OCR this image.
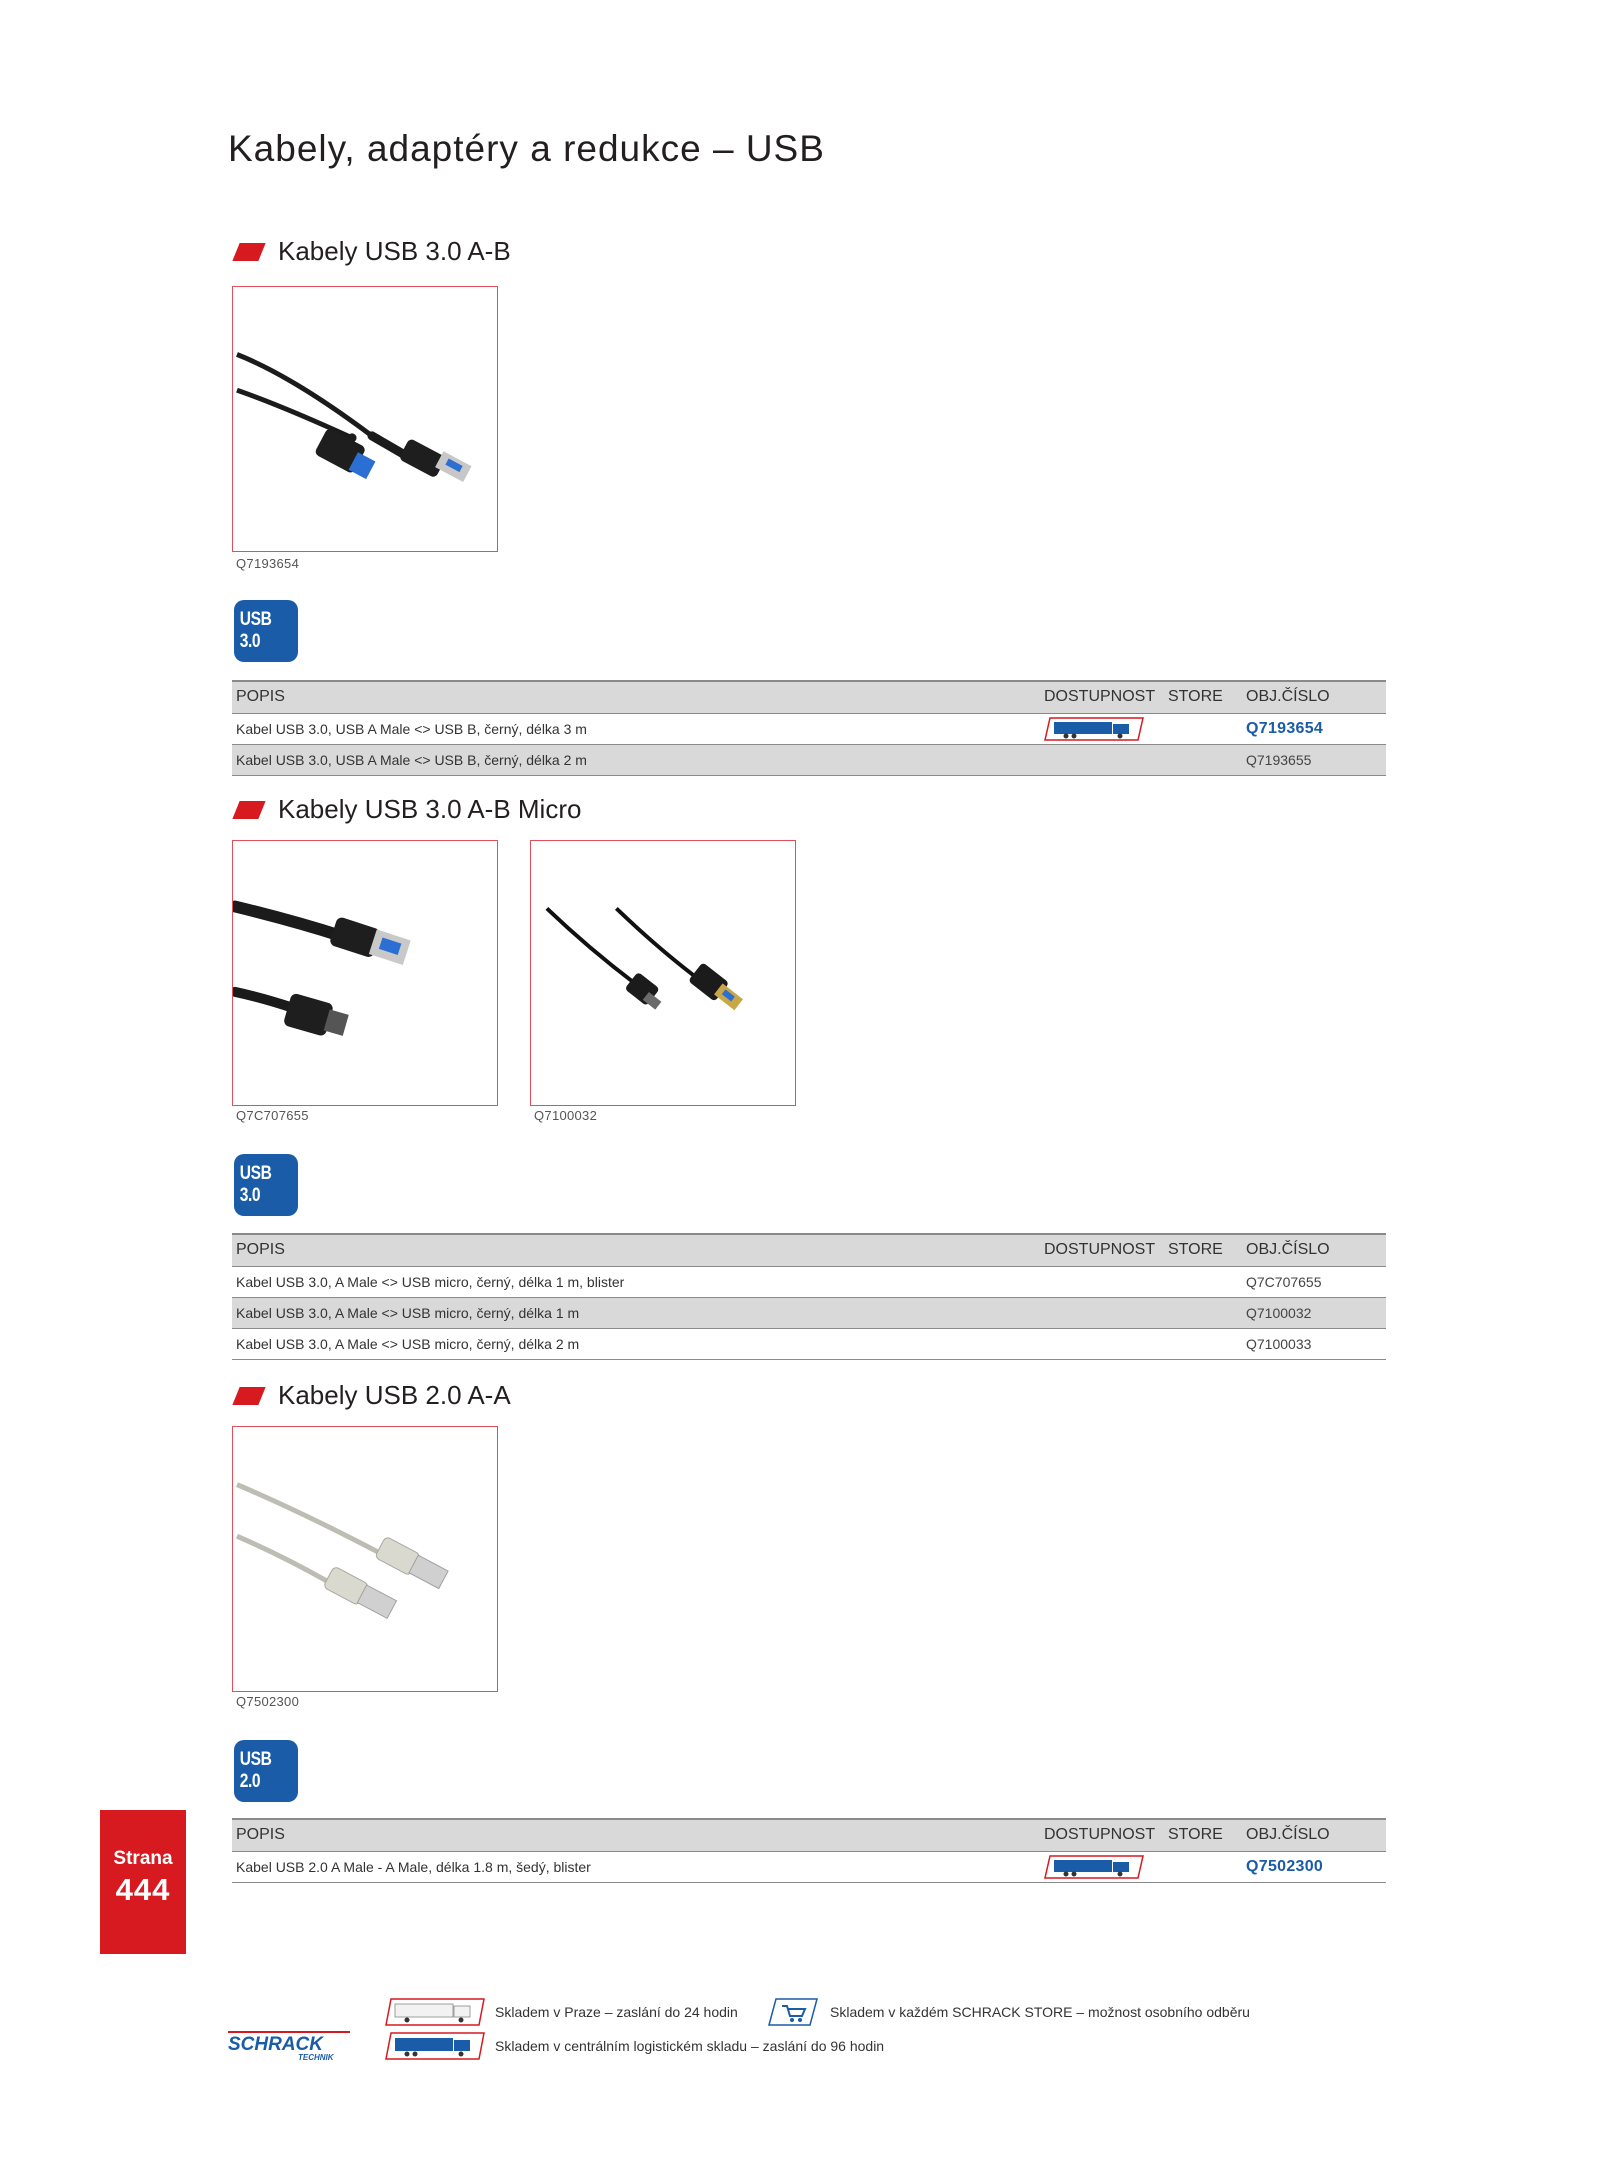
Kabely, adaptéry a redukce – USB
Kabely USB 3.0 A-B
Q7193654
USB 3.0
POPIS	DOSTUPNOST	STORE	OBJ.ČÍSLO
Kabel USB 3.0, USB A Male <> USB B, černý, délka 3 m			Q7193654
Kabel USB 3.0, USB A Male <> USB B, černý, délka 2 m			Q7193655
Kabely USB 3.0 A-B Micro
Q7C707655	Q7100032
USB 3.0
POPIS	DOSTUPNOST	STORE	OBJ.ČÍSLO
Kabel USB 3.0, A Male <> USB micro, černý, délka 1 m, blister			Q7C707655
Kabel USB 3.0, A Male <> USB micro, černý, délka 1 m			Q7100032
Kabel USB 3.0, A Male <> USB micro, černý, délka 2 m			Q7100033
Kabely USB 2.0 A-A
Q7502300
USB 2.0
POPIS	DOSTUPNOST	STORE	OBJ.ČÍSLO
Kabel USB 2.0 A Male - A Male, délka 1.8 m, šedý, blister			Q7502300
Strana
444
Skladem v Praze – zaslání do 24 hodin	Skladem v každém SCHRACK STORE – možnost osobního odběru
Skladem v centrálním logistickém skladu – zaslání do 96 hodin
SCHRACK
TECHNIK
